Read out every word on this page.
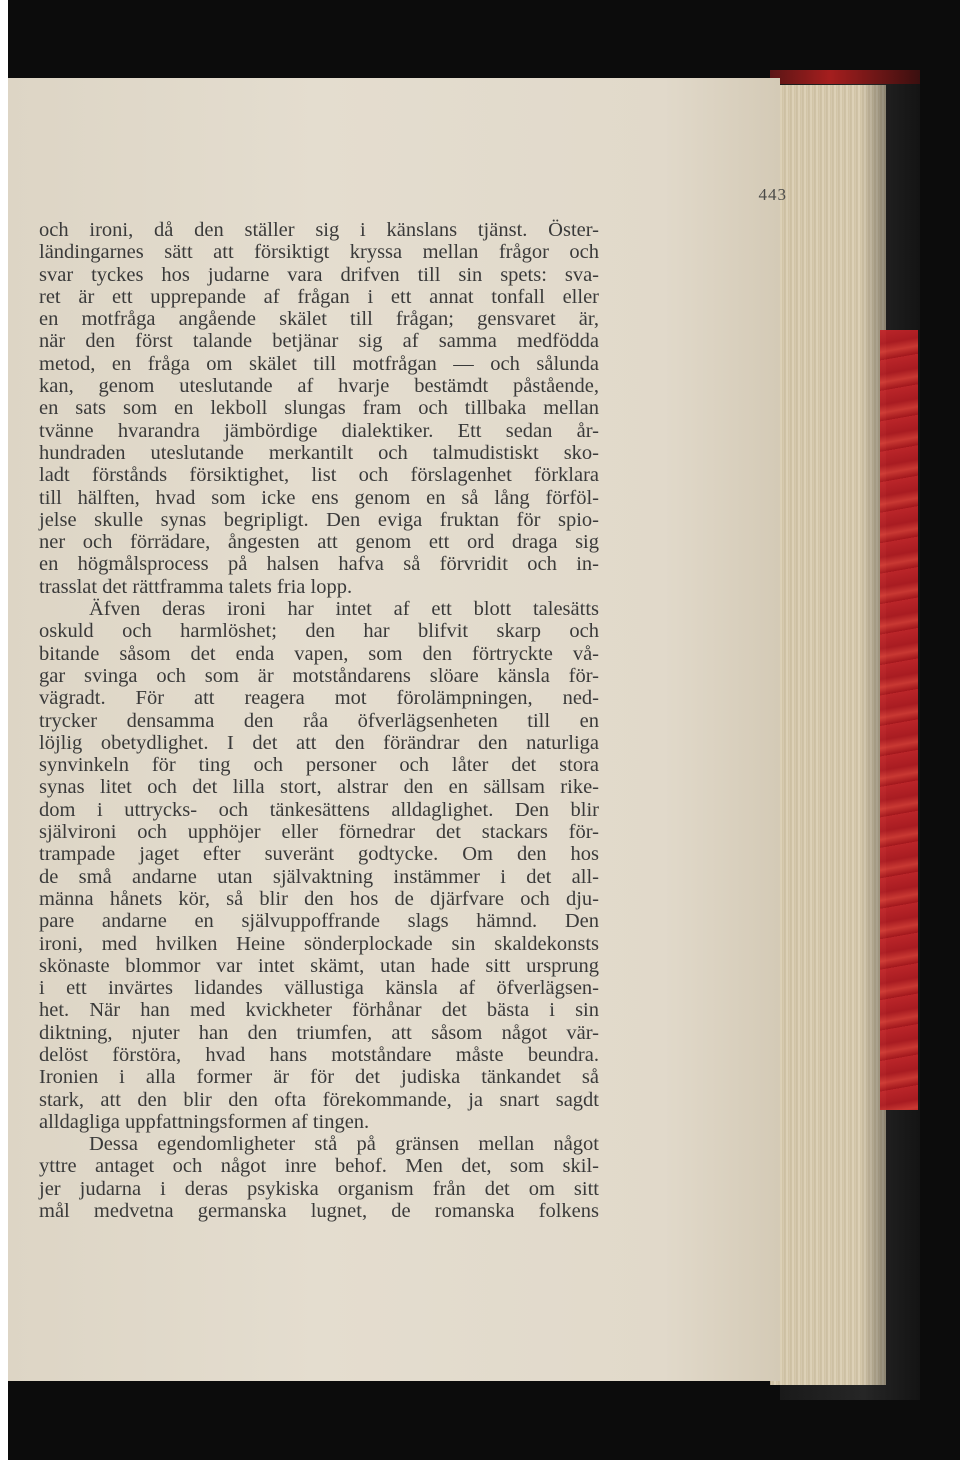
443
och ironi, då den ställer sig i känslans tjänst. Öster-
ländingarnes sätt att försiktigt kryssa mellan frågor och
svar tyckes hos judarne vara drifven till sin spets: sva-
ret är ett upprepande af frågan i ett annat tonfall eller
en motfråga angående skälet till frågan; gensvaret är,
när den först talande betjänar sig af samma medfödda
metod, en fråga om skälet till motfrågan — och sålunda
kan, genom uteslutande af hvarje bestämdt påstående,
en sats som en lekboll slungas fram och tillbaka mellan
tvänne hvarandra jämbördige dialektiker. Ett sedan år-
hundraden uteslutande merkantilt och talmudistiskt sko-
ladt förstånds försiktighet, list och förslagenhet förklara
till hälften, hvad som icke ens genom en så lång förföl-
jelse skulle synas begripligt. Den eviga fruktan för spio-
ner och förrädare, ångesten att genom ett ord draga sig
en högmålsprocess på halsen hafva så förvridit och in-
trasslat det rättframma talets fria lopp.
Äfven deras ironi har intet af ett blott talesätts
oskuld och harmlöshet; den har blifvit skarp och
bitande såsom det enda vapen, som den förtryckte vå-
gar svinga och som är motståndarens slöare känsla för-
vägradt. För att reagera mot förolämpningen, ned-
trycker densamma den råa öfverlägsenheten till en
löjlig obetydlighet. I det att den förändrar den naturliga
synvinkeln för ting och personer och låter det stora
synas litet och det lilla stort, alstrar den en sällsam rike-
dom i uttrycks- och tänkesättens alldaglighet. Den blir
självironi och upphöjer eller förnedrar det stackars för-
trampade jaget efter suveränt godtycke. Om den hos
de små andarne utan självaktning instämmer i det all-
männa hånets kör, så blir den hos de djärfvare och dju-
pare andarne en självuppoffrande slags hämnd. Den
ironi, med hvilken Heine sönderplockade sin skaldekonsts
skönaste blommor var intet skämt, utan hade sitt ursprung
i ett invärtes lidandes vällustiga känsla af öfverlägsen-
het. När han med kvickheter förhånar det bästa i sin
diktning, njuter han den triumfen, att såsom något vär-
delöst förstöra, hvad hans motståndare måste beundra.
Ironien i alla former är för det judiska tänkandet så
stark, att den blir den ofta förekommande, ja snart sagdt
alldagliga uppfattningsformen af tingen.
Dessa egendomligheter stå på gränsen mellan något
yttre antaget och något inre behof. Men det, som skil-
jer judarna i deras psykiska organism från det om sitt
mål medvetna germanska lugnet, de romanska folkens
